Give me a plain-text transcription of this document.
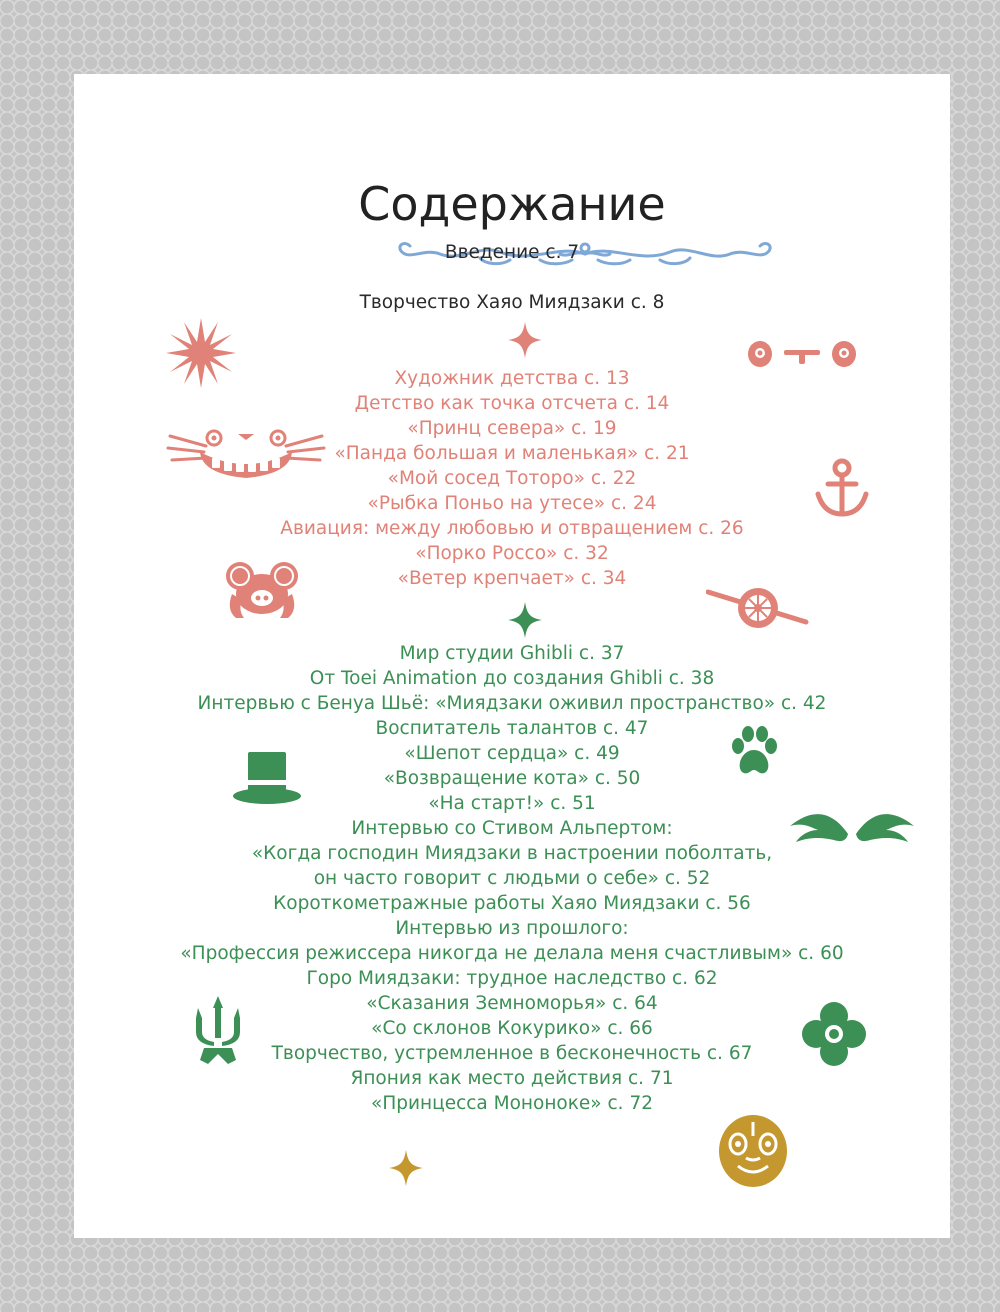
Содержание
Введение с. 7
Творчество Хаяо Миядзаки с. 8
Художник детства с. 13
Детство как точка отсчета с. 14
«Принц севера» с. 19
«Панда большая и маленькая» с. 21
«Мой сосед Тоторо» с. 22
«Рыбка Поньо на утесе» с. 24
Авиация: между любовью и отвращением с. 26
«Порко Россо» с. 32
«Ветер крепчает» с. 34
Мир студии Ghibli с. 37
От Toei Animation до создания Ghibli с. 38
Интервью с Бенуа Шьё: «Миядзаки оживил пространство» с. 42
Воспитатель талантов с. 47
«Шепот сердца» с. 49
«Возвращение кота» с. 50
«На старт!» с. 51
Интервью со Стивом Альпертом:
«Когда господин Миядзаки в настроении поболтать,
он часто говорит с людьми о себе» с. 52
Короткометражные работы Хаяо Миядзаки с. 56
Интервью из прошлого:
«Профессия режиссера никогда не делала меня счастливым» с. 60
Горо Миядзаки: трудное наследство с. 62
«Сказания Земноморья» с. 64
«Со склонов Кокурико» с. 66
Творчество, устремленное в бесконечность с. 67
Япония как место действия с. 71
«Принцесса Мононоке» с. 72
